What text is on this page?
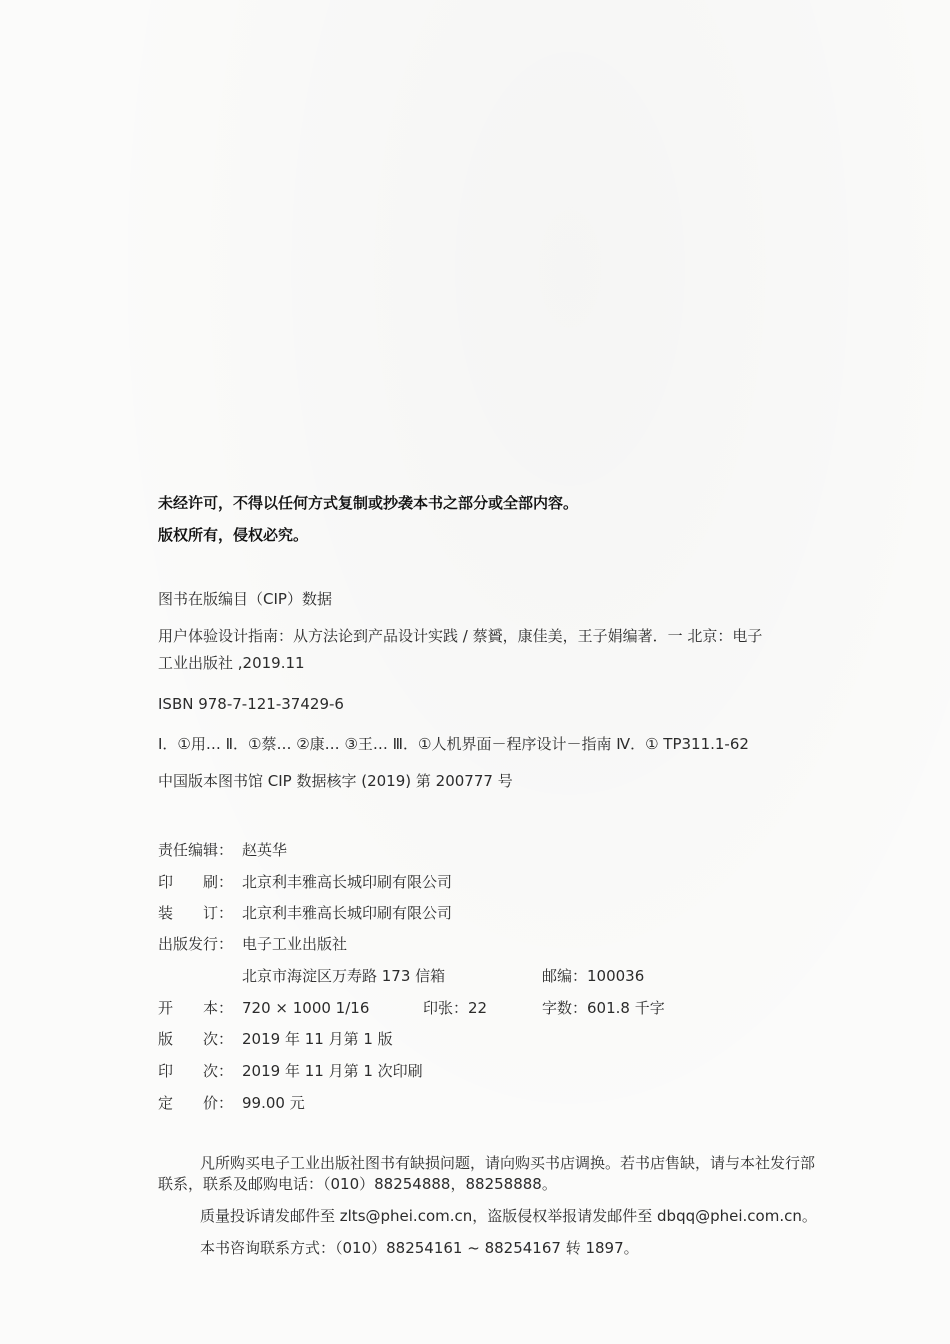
未经许可，不得以任何方式复制或抄袭本书之部分或全部内容。
版权所有，侵权必究。
图书在版编目（CIP）数据
用户体验设计指南：从方法论到产品设计实践 / 蔡贇，康佳美，王子娟编著．一 北京：电子
工业出版社 ,2019.11
ISBN 978-7-121-37429-6
Ⅰ．①用… Ⅱ．①蔡… ②康… ③王… Ⅲ．①人机界面－程序设计－指南 Ⅳ．① TP311.1-62
中国版本图书馆 CIP 数据核字 (2019) 第 200777 号
责任编辑： 赵英华
印　　刷： 北京利丰雅高长城印刷有限公司
装　　订： 北京利丰雅高长城印刷有限公司
出版发行： 电子工业出版社
北京市海淀区万寿路 173 信箱	邮编：100036
开　　本： 720 × 1000 1/16	印张：22	字数：601.8 千字
版　　次： 2019 年 11 月第 1 版
印　　次： 2019 年 11 月第 1 次印刷
定　　价： 99.00 元
凡所购买电子工业出版社图书有缺损问题，请向购买书店调换。若书店售缺，请与本社发行部联系，联系及邮购电话：（010）88254888，88258888。
质量投诉请发邮件至 zlts@phei.com.cn，盗版侵权举报请发邮件至 dbqq@phei.com.cn。
本书咨询联系方式：（010）88254161 ~ 88254167 转 1897。
